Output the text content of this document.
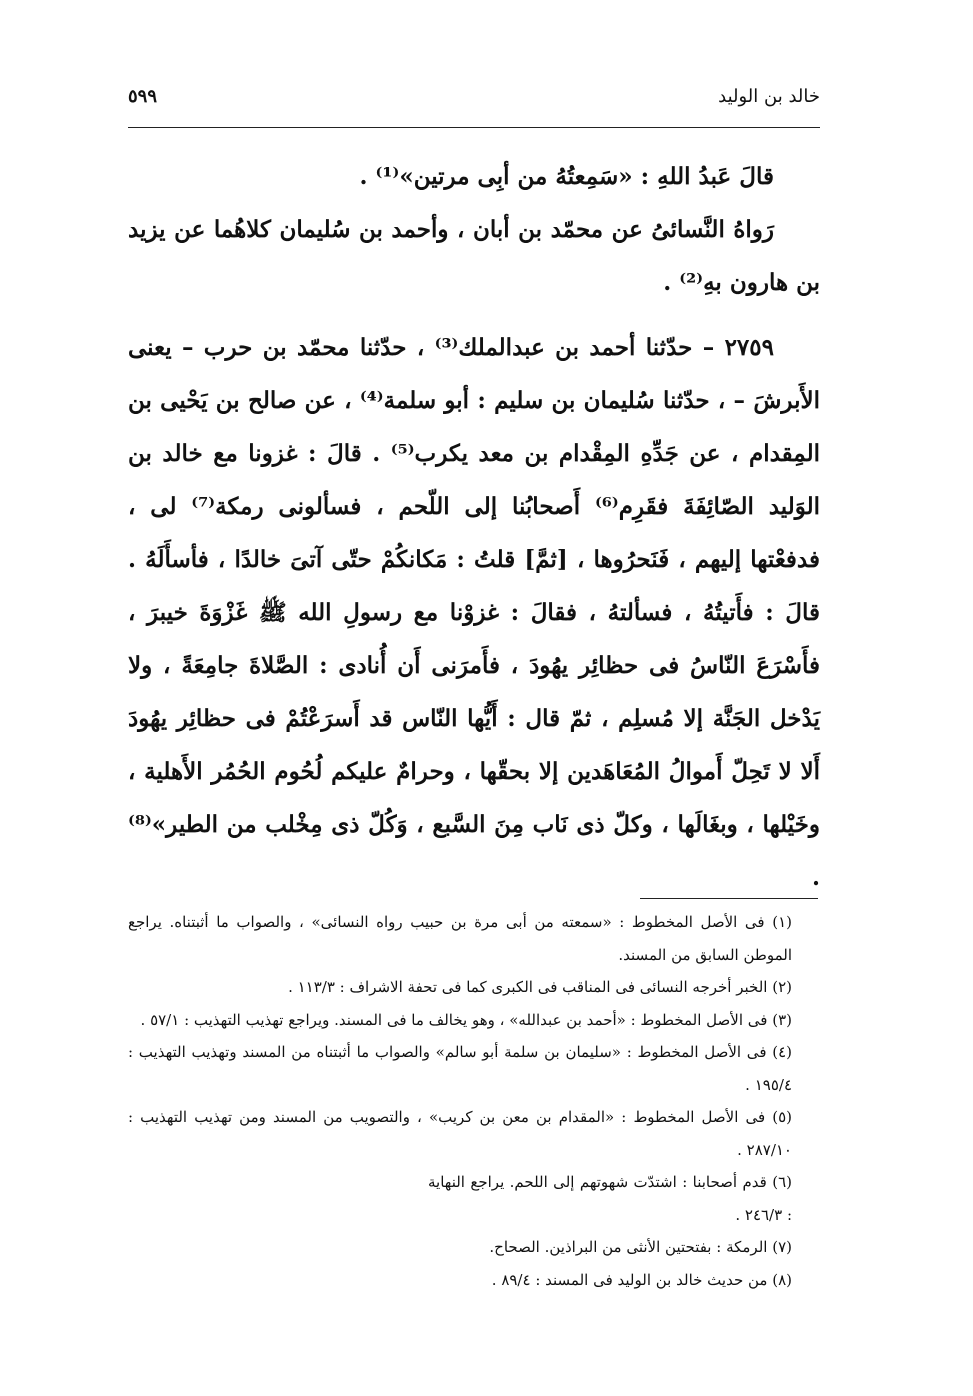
خالد بن الوليد
٥٩٩

قالَ عَبدُ اللهِ : «سَمِعتُهُ من أبِى مرتين»⁽¹⁾ .

رَواهُ النَّسائىُ عن محمّد بن أبان ، وأحمد بن سُليمان كلاهُما عن يزيد بن هارون بهِ⁽²⁾ .

٢٧٥٩ – حدّثنا أحمد بن عبدالملك⁽³⁾ ، حدّثنا محمّد بن حرب – يعنى الأَبرشَ – ، حدّثنا سُليمان بن سليم : أبو سلمة⁽⁴⁾ ، عن صالح بن يَحْيى بن المِقدام ، عن جَدِّهِ المِقْدام بن معد يكرب⁽⁵⁾ . قالَ : غزونا مع خالد بن الوَليد الصّائِفَةَ فقَرِم⁽⁶⁾ أَصحابُنا إلى اللّحم ، فسألونى رمكة⁽⁷⁾ لى ، فدفعْتها إليهم ، فَنَحرُوها ، [ثمَّ] قلتُ : مَكانكُمْ حتّى آتىَ خالدًا ، فأسأَلَهُ . قالَ : فأَتيتُهُ ، فسألتهُ ، فقالَ : غزوْنا مع رسولِ الله ﷺ غَزْوَةَ خيبرَ ، فأَسْرَعَ النّاسُ فى حظائِر يهُودَ ، فأَمرَنى أَن أُنادى : الصَّلاةَ جامِعَةً ، ولا يَدْخل الجَنَّة إلا مُسلِم ، ثمّ قال : أَيُّها النّاس قد أَسرَعْتُمْ فى حظائِر يهُودَ أَلا لا تَحِلّ أَموالُ المُعَاهَدين إلا بحقّها ، وحرامٌ عليكم لُحُوم الحُمُر الأَهلية ، وخَيْلها ، وبغَالَها ، وكلّ ذى نَاب مِنَ السَّبع ، وَكُلّ ذى مِخْلب من الطير»⁽⁸⁾ .

(١) فى الأصل المخطوط : «سمعته من أبى مرة بن حبيب رواه النسائى» ، والصواب ما أثبتناه. يراجع الموطن السابق من المسند.

(٢) الخبر أخرجه النسائى فى المناقب فى الكبرى كما فى تحفة الاشراف : ١١٣/٣ .

(٣) فى الأصل المخطوط : «أحمد بن عبدالله» ، وهو يخالف ما فى المسند. ويراجع تهذيب التهذيب : ٥٧/١ .

(٤) فى الأصل المخطوط : «سليمان بن سلمة أبو سالم» والصواب ما أثبتناه من المسند وتهذيب التهذيب : ١٩٥/٤ .

(٥) فى الأصل المخطوط : «المقدام بن معن بن كريب» ، والتصويب من المسند ومن تهذيب التهذيب : ٢٨٧/١٠ .

(٦) قدم أصحابنا : اشتدّت شهوتهم إلى اللحم. يراجع النهاية : ٢٤٦/٣ .

(٧) الرمكة : بفتحتين الأنثى من البراذين. الصحاح.

(٨) من حديث خالد بن الوليد فى المسند : ٨٩/٤ .
